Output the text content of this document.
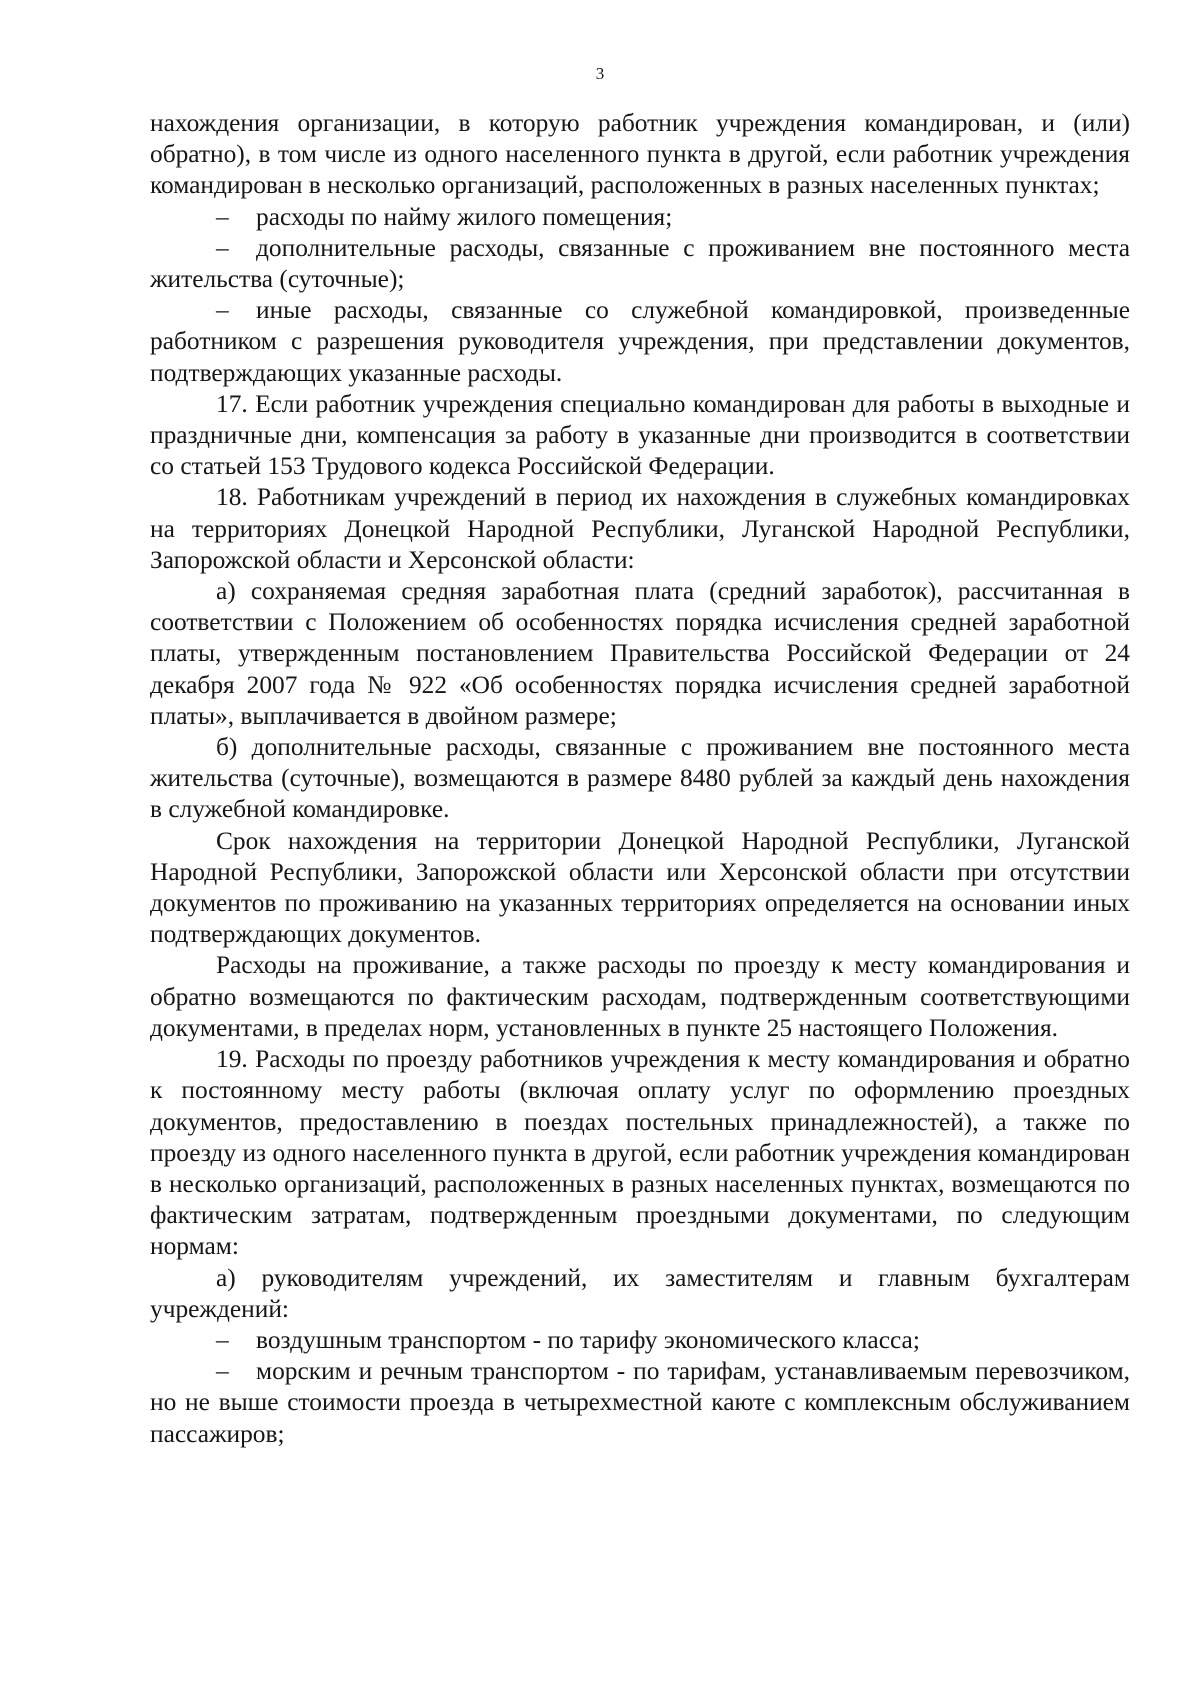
3

нахождения организации, в которую работник учреждения командирован, и (или) обратно), в том числе из одного населенного пункта в другой, если работник учреждения командирован в несколько организаций, расположенных в разных населенных пунктах;

– расходы по найму жилого помещения;

– дополнительные расходы, связанные с проживанием вне постоянного места жительства (суточные);

– иные расходы, связанные со служебной командировкой, произведенные работником с разрешения руководителя учреждения, при представлении документов, подтверждающих указанные расходы.

17. Если работник учреждения специально командирован для работы в выходные и праздничные дни, компенсация за работу в указанные дни производится в соответствии со статьей 153 Трудового кодекса Российской Федерации.

18. Работникам учреждений в период их нахождения в служебных командировках на территориях Донецкой Народной Республики, Луганской Народной Республики, Запорожской области и Херсонской области:

а) сохраняемая средняя заработная плата (средний заработок), рассчитанная в соответствии с Положением об особенностях порядка исчисления средней заработной платы, утвержденным постановлением Правительства Российской Федерации от 24 декабря 2007 года № 922 «Об особенностях порядка исчисления средней заработной платы», выплачивается в двойном размере;

б) дополнительные расходы, связанные с проживанием вне постоянного места жительства (суточные), возмещаются в размере 8480 рублей за каждый день нахождения в служебной командировке.

Срок нахождения на территории Донецкой Народной Республики, Луганской Народной Республики, Запорожской области или Херсонской области при отсутствии документов по проживанию на указанных территориях определяется на основании иных подтверждающих документов.

Расходы на проживание, а также расходы по проезду к месту командирования и обратно возмещаются по фактическим расходам, подтвержденным соответствующими документами, в пределах норм, установленных в пункте 25 настоящего Положения.

19. Расходы по проезду работников учреждения к месту командирования и обратно к постоянному месту работы (включая оплату услуг по оформлению проездных документов, предоставлению в поездах постельных принадлежностей), а также по проезду из одного населенного пункта в другой, если работник учреждения командирован в несколько организаций, расположенных в разных населенных пунктах, возмещаются по фактическим затратам, подтвержденным проездными документами, по следующим нормам:

а) руководителям учреждений, их заместителям и главным бухгалтерам учреждений:

– воздушным транспортом - по тарифу экономического класса;

– морским и речным транспортом - по тарифам, устанавливаемым перевозчиком, но не выше стоимости проезда в четырехместной каюте с комплексным обслуживанием пассажиров;
